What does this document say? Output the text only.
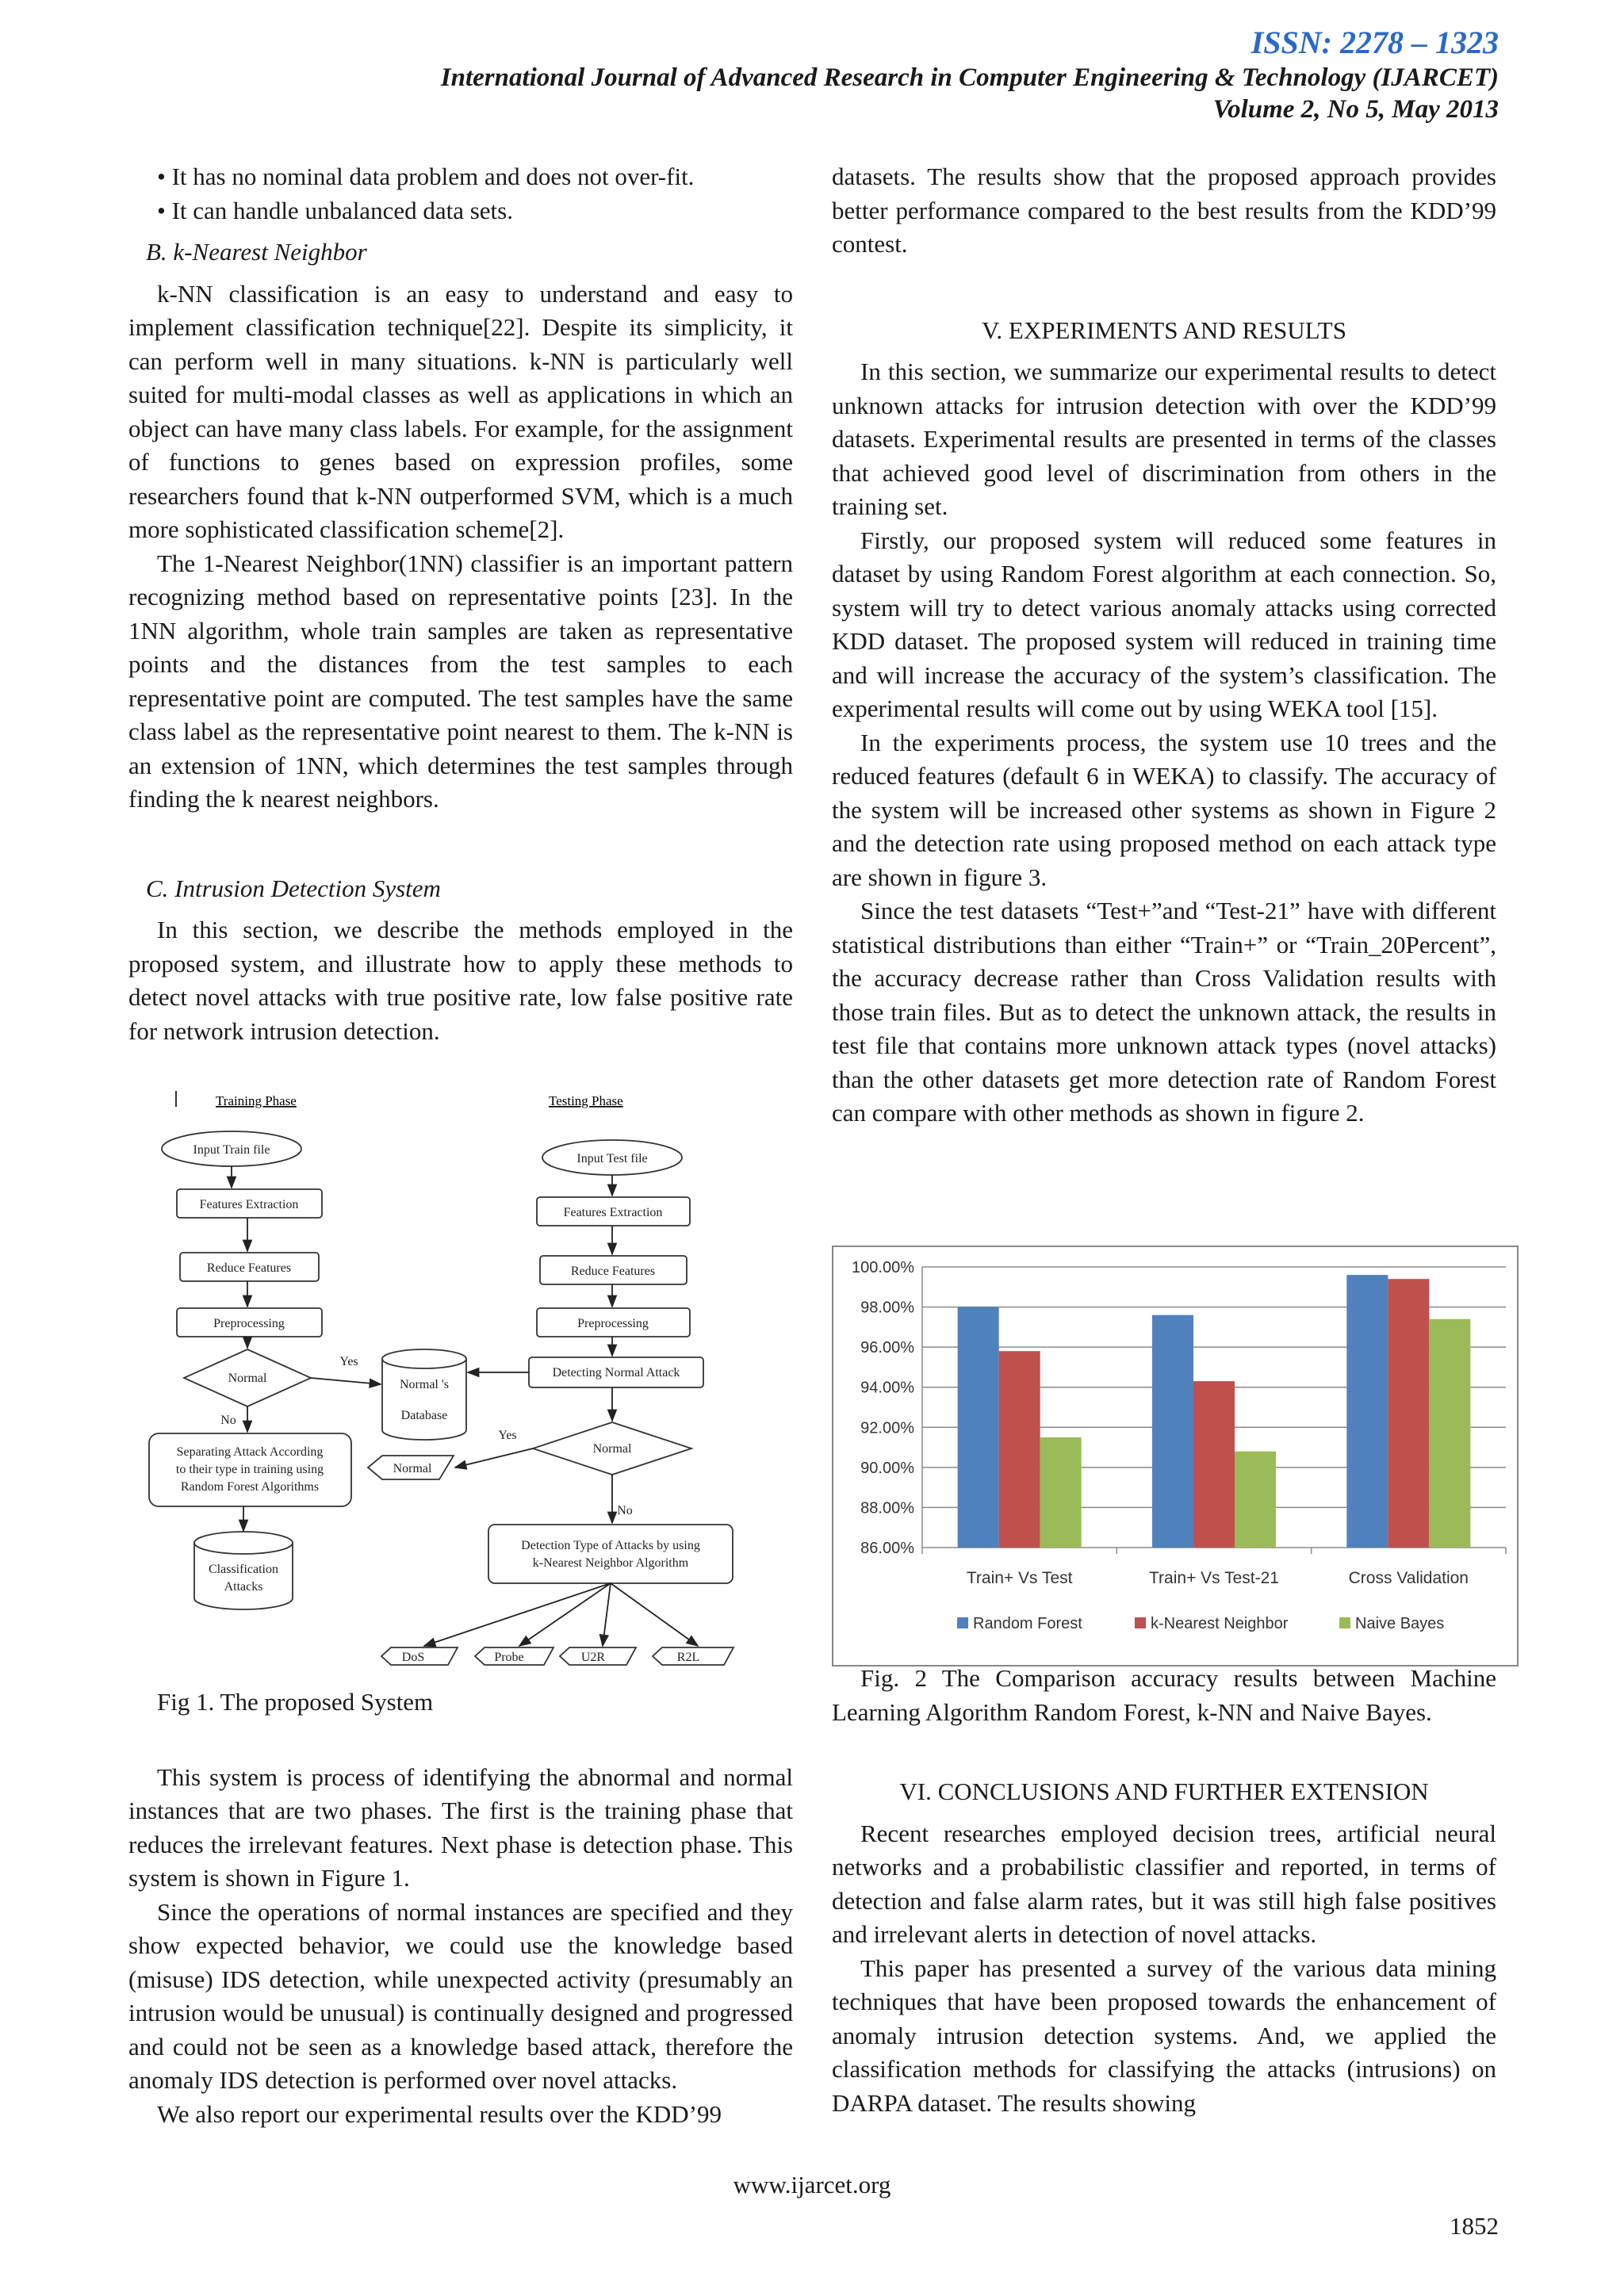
ISSN: 2278 – 1323
International Journal of Advanced Research in Computer Engineering & Technology (IJARCET)
Volume 2, No 5, May 2013

• It has no nominal data problem and does not over-fit.

• It can handle unbalanced data sets.

B. k-Nearest Neighbor

k-NN classification is an easy to understand and easy to implement classification technique[22]. Despite its simplicity, it can perform well in many situations. k-NN is particularly well suited for multi-modal classes as well as applications in which an object can have many class labels. For example, for the assignment of functions to genes based on expression profiles, some researchers found that k-NN outperformed SVM, which is a much more sophisticated classification scheme[2].

The 1-Nearest Neighbor(1NN) classifier is an important pattern recognizing method based on representative points [23]. In the 1NN algorithm, whole train samples are taken as representative points and the distances from the test samples to each representative point are computed. The test samples have the same class label as the representative point nearest to them. The k-NN is an extension of 1NN, which determines the test samples through finding the k nearest neighbors.

C. Intrusion Detection System

In this section, we describe the methods employed in the proposed system, and illustrate how to apply these methods to detect novel attacks with true positive rate, low false positive rate for network intrusion detection.

Training Phase	Testing Phase
Input Train file
Features Extraction
Reduce Features
Preprocessing
Normal
Yes
No
Normal 's
Database
Separating Attack According
to their type in training using
Random Forest Algorithms
Classification
Attacks
Input Test file
Features Extraction
Reduce Features
Preprocessing
Detecting Normal Attack
Normal
Yes
No
Normal
Detection Type of Attacks by using
k-Nearest Neighbor Algorithm
DoS	Probe	U2R	R2L

Fig 1. The proposed System

This system is process of identifying the abnormal and normal instances that are two phases. The first is the training phase that reduces the irrelevant features. Next phase is detection phase. This system is shown in Figure 1.

Since the operations of normal instances are specified and they show expected behavior, we could use the knowledge based (misuse) IDS detection, while unexpected activity (presumably an intrusion would be unusual) is continually designed and progressed and could not be seen as a knowledge based attack, therefore the anomaly IDS detection is performed over novel attacks.

We also report our experimental results over the KDD’99

datasets. The results show that the proposed approach provides better performance compared to the best results from the KDD’99 contest.

V. EXPERIMENTS AND RESULTS

In this section, we summarize our experimental results to detect unknown attacks for intrusion detection with over the KDD’99 datasets. Experimental results are presented in terms of the classes that achieved good level of discrimination from others in the training set.

Firstly, our proposed system will reduced some features in dataset by using Random Forest algorithm at each connection. So, system will try to detect various anomaly attacks using corrected KDD dataset. The proposed system will reduced in training time and will increase the accuracy of the system’s classification. The experimental results will come out by using WEKA tool [15].

In the experiments process, the system use 10 trees and the reduced features (default 6 in WEKA) to classify. The accuracy of the system will be increased other systems as shown in Figure 2 and the detection rate using proposed method on each attack type are shown in figure 3.

Since the test datasets “Test+”and “Test-21” have with different statistical distributions than either “Train+” or “Train_20Percent”, the accuracy decrease rather than Cross Validation results with those train files. But as to detect the unknown attack, the results in test file that contains more unknown attack types (novel attacks) than the other datasets get more detection rate of Random Forest can compare with other methods as shown in figure 2.

86.00%
88.00%
90.00%
92.00%
94.00%
96.00%
98.00%
100.00%
Train+ Vs Test	Train+ Vs Test-21	Cross Validation
Random Forest	k-Nearest Neighbor	Naive Bayes

Fig. 2 The Comparison accuracy results between Machine Learning Algorithm Random Forest, k-NN and Naive Bayes.

VI. CONCLUSIONS AND FURTHER EXTENSION

Recent researches employed decision trees, artificial neural networks and a probabilistic classifier and reported, in terms of detection and false alarm rates, but it was still high false positives and irrelevant alerts in detection of novel attacks.

This paper has presented a survey of the various data mining techniques that have been proposed towards the enhancement of anomaly intrusion detection systems. And, we applied the classification methods for classifying the attacks (intrusions) on DARPA dataset. The results showing

www.ijarcet.org
1852
